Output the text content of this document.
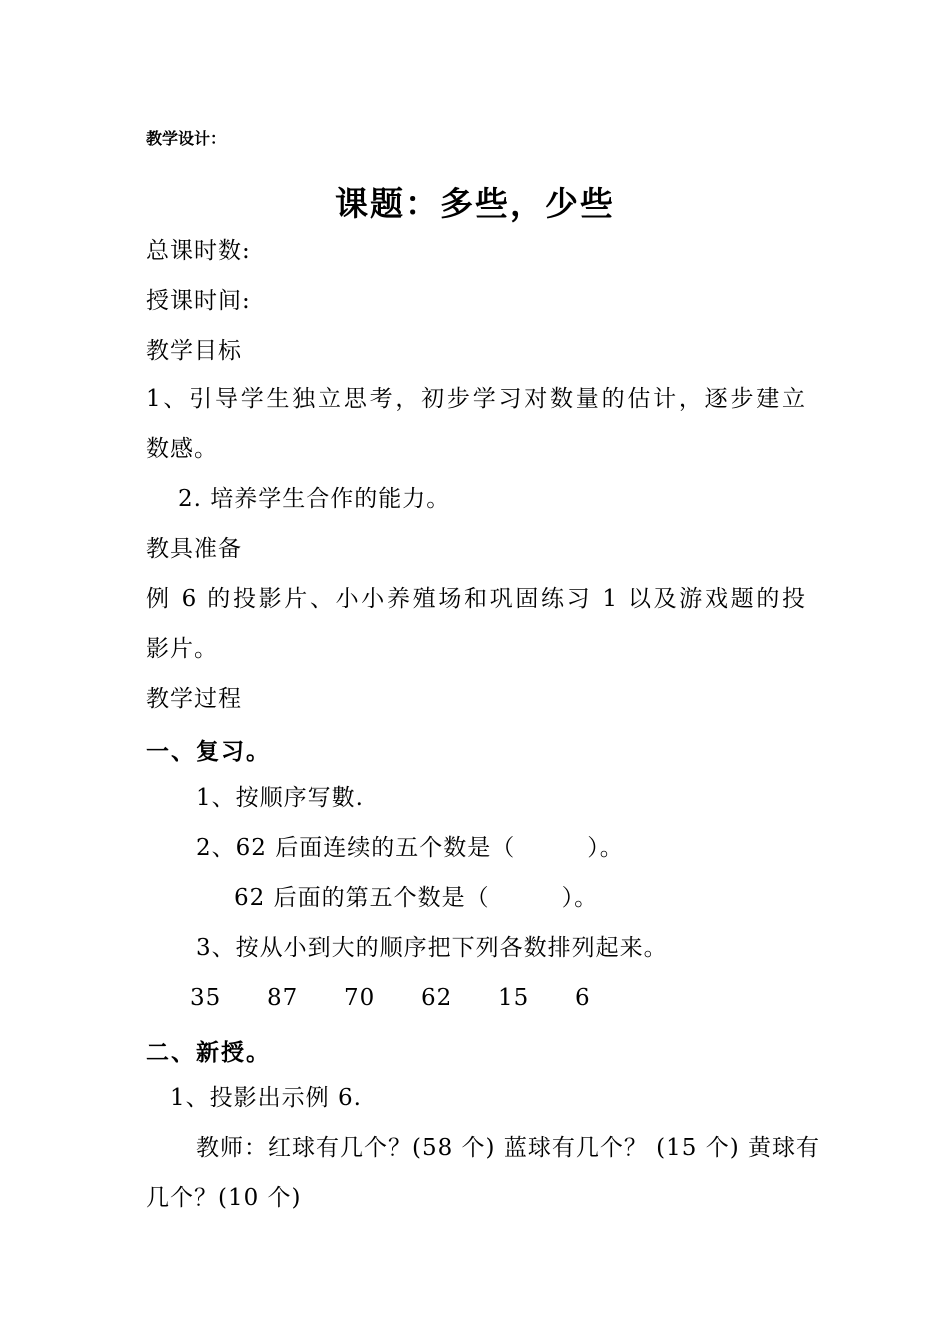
教学设计：
课题：多些，少些
总课时数:
授课时间:
教学目标
1、引导学生独立思考，初步学习对数量的估计，逐步建立
数感。
2. 培养学生合作的能力。
教具准备
例 6 的投影片、小小养殖场和巩固练习 1 以及游戏题的投
影片。
教学过程
一、复习。
1、按顺序写數.
2、62 后面连续的五个数是（　　　）。
62 后面的第五个数是（　　　）。
3、按从小到大的顺序把下列各数排列起来。
35 87 70 62 15 6
二、新授。
1、投影出示例 6.
教师：红球有几个？(58 个) 蓝球有几个？ (15 个) 黄球有
几个？(10 个)
